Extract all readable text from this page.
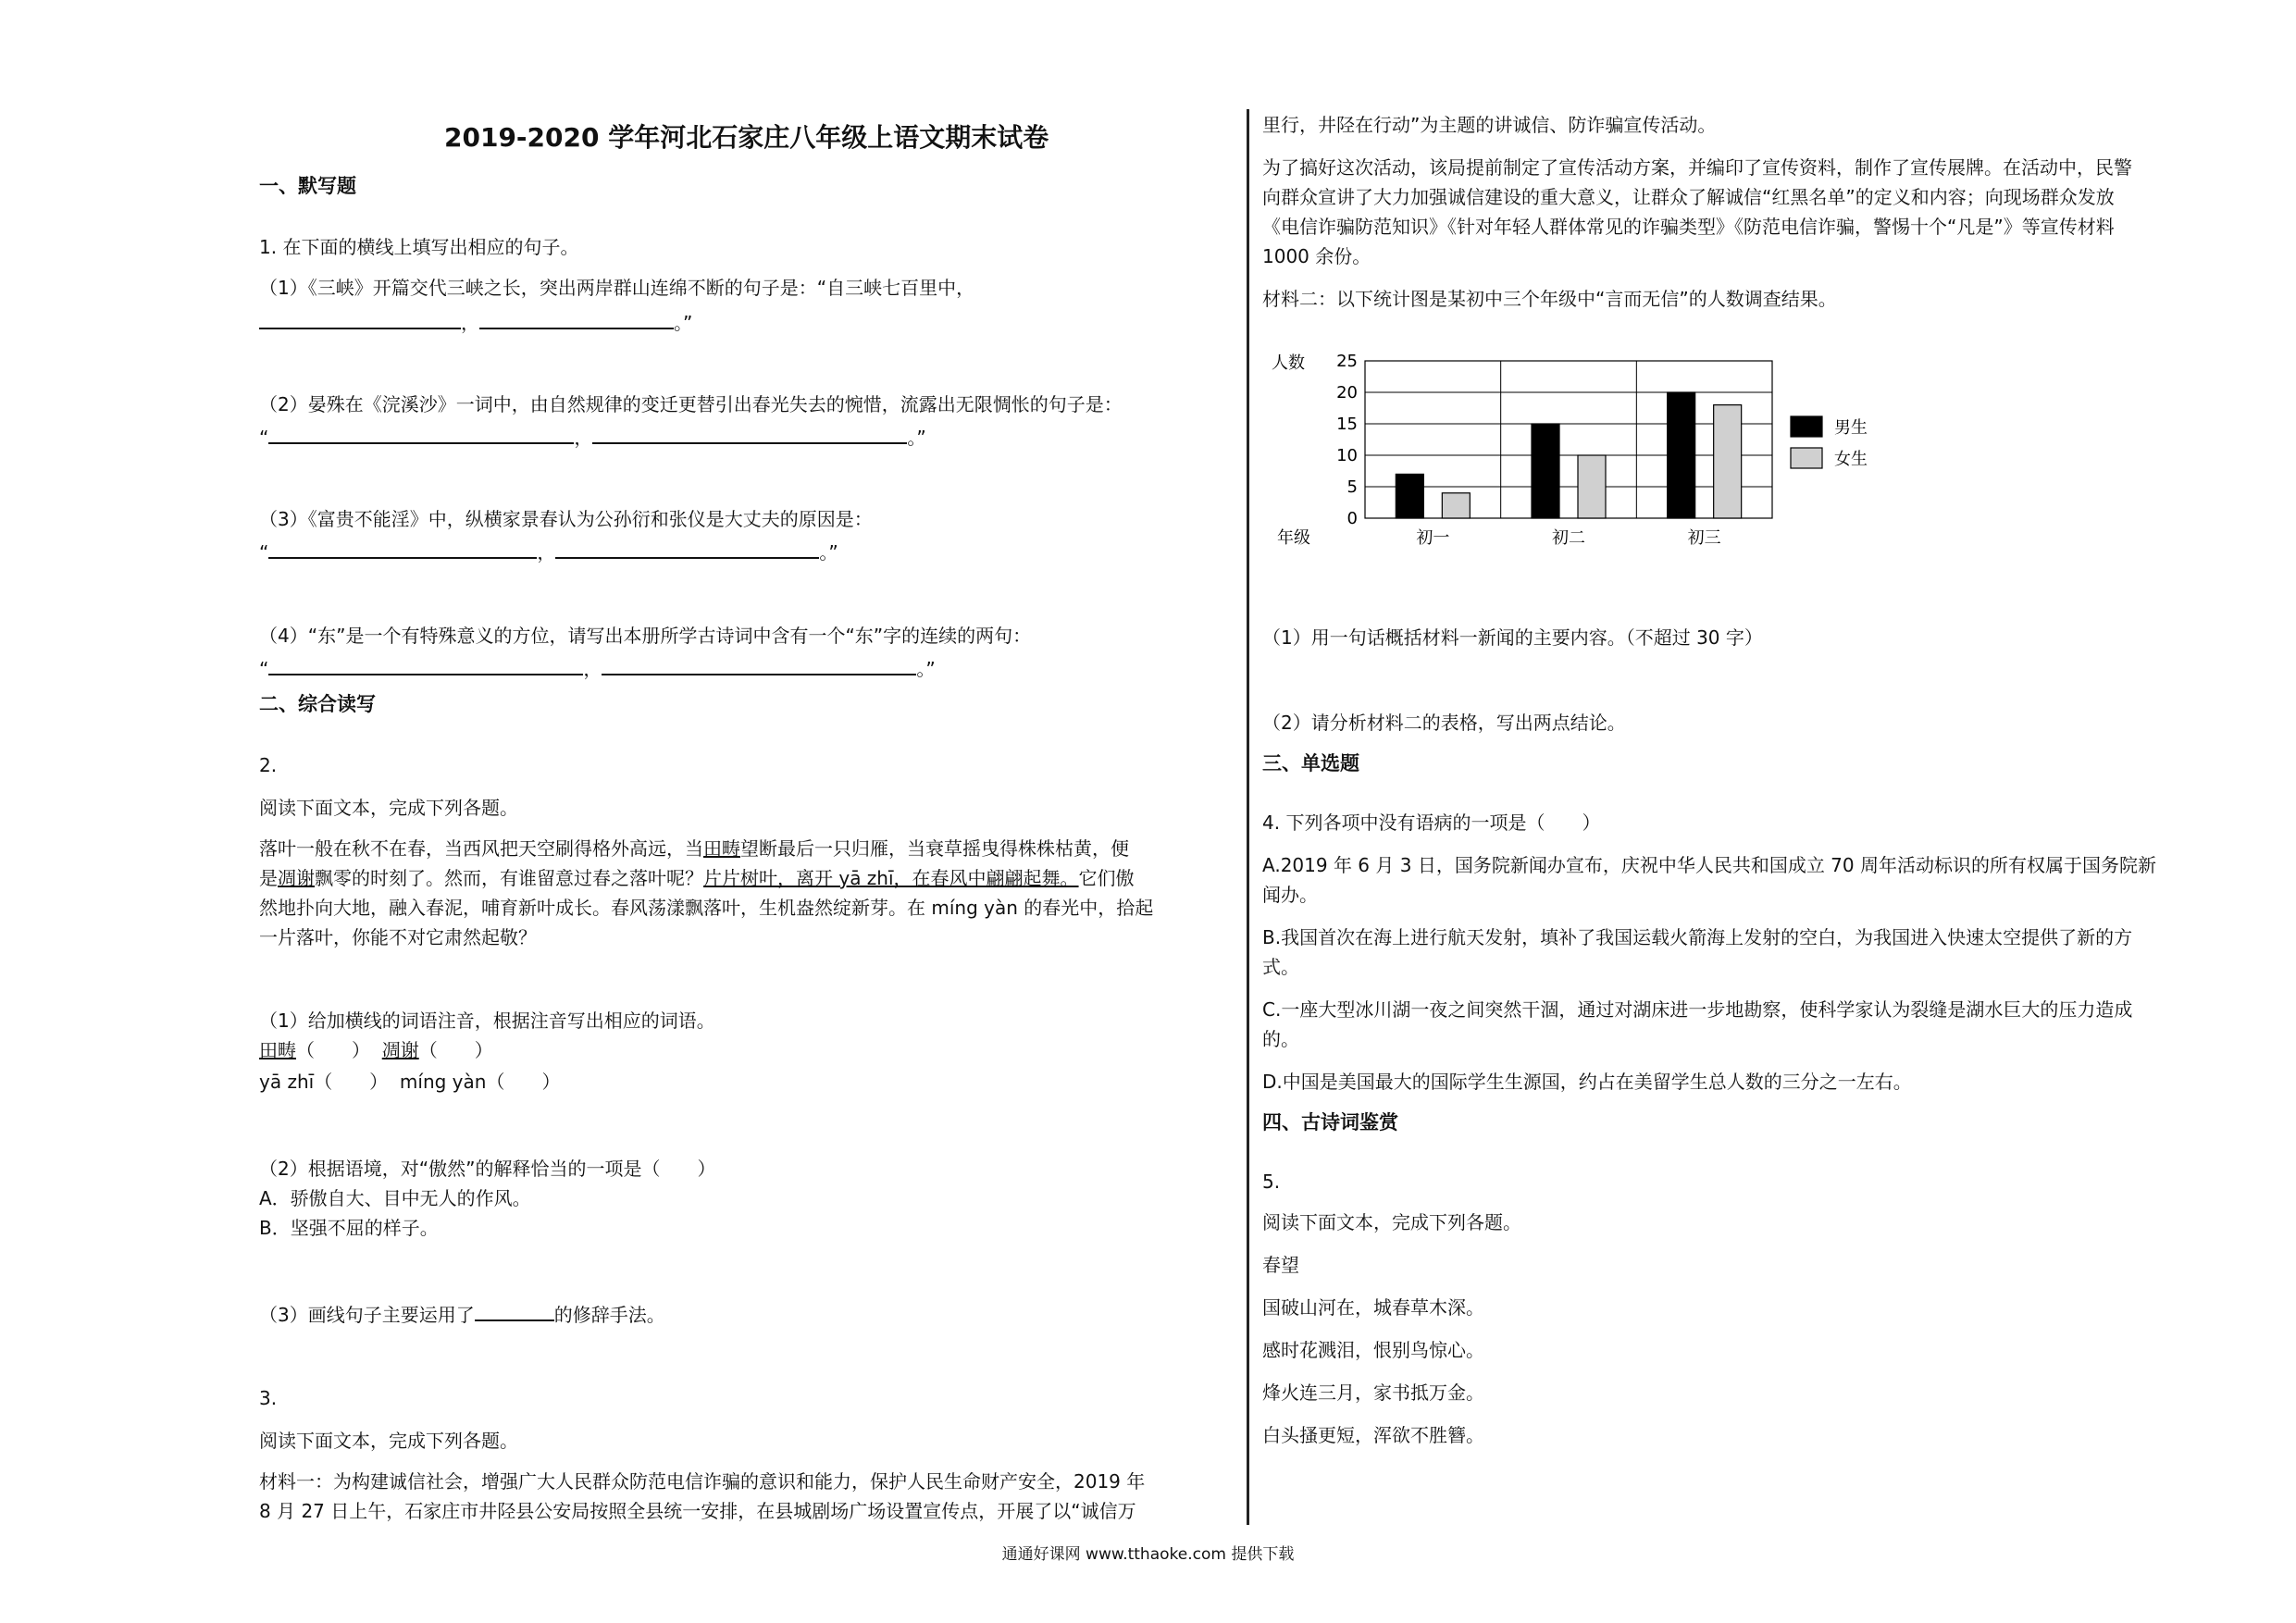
2019-2020 学年河北石家庄八年级上语文期末试卷
一、默写题
1. 在下面的横线上填写出相应的句子。
（1）《三峡》开篇交代三峡之长，突出两岸群山连绵不断的句子是：“自三峡七百里中，
，	。”
（2）晏殊在《浣溪沙》一词中，由自然规律的变迁更替引出春光失去的惋惜，流露出无限惆怅的句子是：
“	，	。”
（3）《富贵不能淫》中，纵横家景春认为公孙衍和张仪是大丈夫的原因是：
“	，	。”
（4）“东”是一个有特殊意义的方位，请写出本册所学古诗词中含有一个“东”字的连续的两句：
“	，	。”
二、综合读写
2.
阅读下面文本，完成下列各题。
落叶一般在秋不在春，当西风把天空刷得格外高远，当田畴望断最后一只归雁，当衰草摇曳得株株枯黄，便
是凋谢飘零的时刻了。然而，有谁留意过春之落叶呢？片片树叶，离开 yā zhī，在春风中翩翩起舞。它们傲
然地扑向大地，融入春泥，哺育新叶成长。春风荡漾飘落叶，生机盎然绽新芽。在 míng yàn 的春光中，拾起
一片落叶，你能不对它肃然起敬？
（1）给加横线的词语注音，根据注音写出相应的词语。
田畴（　　） 凋谢（　　）
yā zhī（　　） míng yàn（　　）
（2）根据语境，对“傲然”的解释恰当的一项是（　　）
A．骄傲自大、目中无人的作风。
B．坚强不屈的样子。
（3）画线句子主要运用了	的修辞手法。
3.
阅读下面文本，完成下列各题。
材料一：为构建诚信社会，增强广大人民群众防范电信诈骗的意识和能力，保护人民生命财产安全，2019 年
8 月 27 日上午，石家庄市井陉县公安局按照全县统一安排，在县城剧场广场设置宣传点，开展了以“诚信万
里行，井陉在行动”为主题的讲诚信、防诈骗宣传活动。
为了搞好这次活动，该局提前制定了宣传活动方案，并编印了宣传资料，制作了宣传展牌。在活动中，民警
向群众宣讲了大力加强诚信建设的重大意义，让群众了解诚信“红黑名单”的定义和内容；向现场群众发放
《电信诈骗防范知识》《针对年轻人群体常见的诈骗类型》《防范电信诈骗，警惕十个“凡是”》等宣传材料
1000 余份。
材料二：以下统计图是某初中三个年级中“言而无信”的人数调查结果。
0
5
10
15
20
25
人数
年级	初一	初二	初三
男生
女生
（1）用一句话概括材料一新闻的主要内容。（不超过 30 字）
（2）请分析材料二的表格，写出两点结论。
三、单选题
4. 下列各项中没有语病的一项是（　　）
A.2019 年 6 月 3 日，国务院新闻办宣布，庆祝中华人民共和国成立 70 周年活动标识的所有权属于国务院新
闻办。
B.我国首次在海上进行航天发射，填补了我国运载火箭海上发射的空白，为我国进入快速太空提供了新的方
式。
C.一座大型冰川湖一夜之间突然干涸，通过对湖床进一步地勘察，使科学家认为裂缝是湖水巨大的压力造成
的。
D.中国是美国最大的国际学生生源国，约占在美留学生总人数的三分之一左右。
四、古诗词鉴赏
5.
阅读下面文本，完成下列各题。
春望
国破山河在，城春草木深。
感时花溅泪，恨别鸟惊心。
烽火连三月，家书抵万金。
白头搔更短，浑欲不胜簪。
通通好课网 www.tthaoke.com 提供下载
